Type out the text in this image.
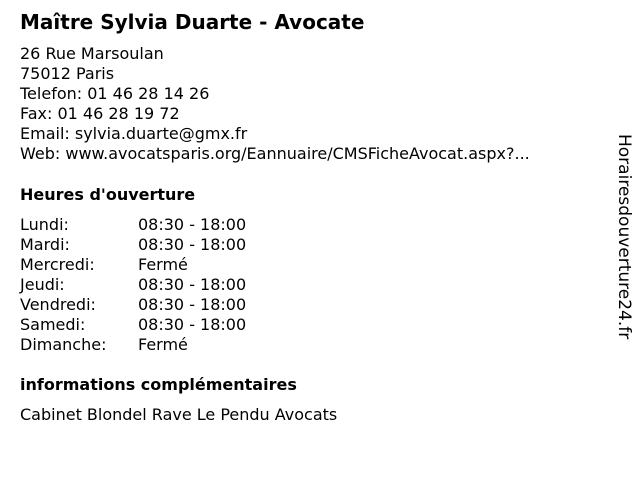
Maître Sylvia Duarte - Avocate
26 Rue Marsoulan
75012 Paris
Telefon: 01 46 28 14 26
Fax: 01 46 28 19 72
Email: sylvia.duarte@gmx.fr
Web: www.avocatsparis.org/Eannuaire/CMSFicheAvocat.aspx?...
Heures d'ouverture
Lundi:	08:30 - 18:00
Mardi:	08:30 - 18:00
Mercredi:	Fermé
Jeudi:	08:30 - 18:00
Vendredi:	08:30 - 18:00
Samedi:	08:30 - 18:00
Dimanche:	Fermé
informations complémentaires
Cabinet Blondel Rave Le Pendu Avocats
Horairesdouverture24.fr
